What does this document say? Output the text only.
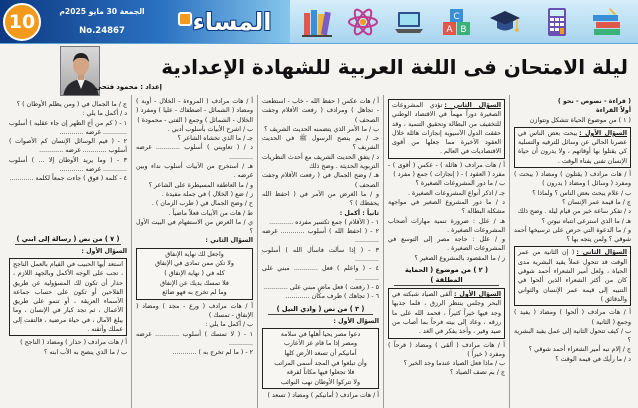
10	الجمعة 30 مايو 2025م
No.24867	المساء	A B
C
ليلة الامتحان فى اللغة العربية للشهادة الإعدادية
إعداد : محمود فتحي
( قراءة - نصوص - نحو )
أولاً القراءة
( ١ ) من موضوع الحياة تتشكل وتتوازن
السؤال الأول :يبحث بعض الناس في عصرنا الحالي عن وسائل للترفيه والتسلية كي يقتلوا بها أوقاتهم ، ولا يدرون أن حياة الإنسان تفنى بفناء الوقت .
أ / هات مرادف ( يقتلون ) ومضاد ( يبحث ) ومفرد ( وسائل ) ومضاد ( يدرون )
ب / علام يبحث بعض الناس ؟ ولماذا ؟
ج / ما قيمة عمر الإنسان ؟
د / تفكر ساعة خير من قيام ليلة . وضح ذلك
هـ / ما الذي استرعى انتباه نيوتن ؟
و / ما الدعوة التي حرص على ترسيخها أحمد شوقي ؟ ولمن يتجه بها ؟
السؤال الثاني :( إن الثانية من عمر الوقت قد تتحول عملاً يفيد البشرية مدى الحياة ، ولعل أمير الشعراء أحمد شوقي كان من أكثر الشعراء الذين ألحوا في التنبيه إلى قيمة عمر الإنسان والثواني والدقائق )
أ / هات مرادف ( ألحوا ) ومضاد ( يفيد ) وجمع ( الثانية )
ب / كيف تتحول الثانية إلى عمل يفيد البشرية ؟
ج / إلام نبه أمير الشعراء أحمد شوقي ؟
د / ما رأيك في قيمة الوقت ؟
السؤال الثاني :تؤدي المشروعات الصغيرة دوراً مهماً في الاقتصاد الوطني للتخفيف من البطالة وتحقيق التنمية ، وقد حققت الدول الآسيوية إنجازات هائلة خلال العقود الأخيرة مما جعلها من أقوى الاقتصاديات في العالم .
أ / هات مرادف ( هائلة ) - عكس ( أقوى ) - مفرد ( العقود ) - ( إنجازات ) جمع ( مفرد )
ب / ما دور المشروعات الصغيرة ؟
جـ / اذكر أنواع المشروعات الصغيرة .
د / ما دور المشروع الصغير في مواجهة مشكلة البطالة ؟
هـ / علل : ضرورة تنمية مهارات أصحاب المشروعات الصغيرة .
و / علل : حاجة مصر إلى التوسع في المشروعات الصغيرة .
ز / ما المقصود بالمشروع الصغير ؟
( ٢ ) من موضوع ( الحماية المطلقة )
السؤال الأول :ألقى الصياد شبكته في البحر وجلس ينتظر الرزق ، فلما جذبها وجد فيها خيراً كثيراً ، فحمد الله على ما رزقه ، وعاد إلى بيته فرحاً بما أصاب من صيد وفير ، وأخذ يفكر في الغد .
أ / هات مرادف ( ألقى ) ومضاد ( فرحاً ) ومفرد ( خيراً )
ب / ماذا فعل الصياد عندما وجد الخير ؟
ج / بم تصف الصياد ؟
أ / هات عكس ( حفظ الله - خاب - استطعت - تجاهل ) ومرادف ( رفعت الأقلام وجفت الصحف )
ب / ما الأمر الذي يتضمنه الحديث الشريف ؟
جـ / بم ينصح الرسول ﷺ في الحديث الشريف ؟
د / يتفق الحديث الشريف مع أحدث النظريات التربوية الحديثة . وضح ذلك
هـ / وضح الجمال في ( رفعت الأقلام وجفت الصحف )
و / ما الغرض من الأمر في ( احفظ الله يحفظك ) ؟
ثانياً : أكمل :
١ - ( الأقلام ) جمع تكسير مفرده ............
٢ - ( احفظ الله ) أسلوب ............ غرضه ............
٣ - ( إذا سألت فاسأل الله ) أسلوب ............
٤ - ( واعلم ) فعل ............ مبني على ............
٥ - ( رفعت ) فعل ماضٍ مبني على ............
٦ - ( تجاهك ) ظرف مكان ............
( ٣ ) من نص ( وادي النيل )
السؤال الأول :
دعوا مصر يحيا أهلها في سلامة
ومصر إذا ما قام عز الأعارب
أمانيكم أن تسعد الأرض كلها
وأن تبلغوا في المجد أسمى المراتب
فلا تجعلوا فيها مكاناً لفرقة
ولا تتركوا الأوطان نهب النوائب
أ / هات مرادف ( أمانيكم ) ومضاد ( تسعد )
أ / هات مرادف ( المروءة - الخلال - أوبة ) ومضاد ( الشمائل - اصطفاك - عليا ) ومفرد ( الخلال - الشمائل ) وجمع ( الفتى - محمودة )
ب / اشرح الأبيات بأسلوب أدبي .
جـ / ما الذي تخشاه الشاعر ؟
د / ( تعاويني ) أسلوب ............ غرضه ............
هـ / استخرج من الأبيات أسلوب نداء وبين غرضه .
و / ما العاطفة المسيطرة على الشاعر ؟
ز / ضع ( الخلال ) في جملة مفيدة .
ح / وضح الجمال في ( طرب الزمان ) .
ط / هات من الأبيات فعلاً ماضياً .
ي / ما الغرض من الاستفهام في البيت الأول ؟
السؤال الثاني :
واجعل لك نهاية الإنفاق
ولا تكن ممن تمادى في الإنفاق
كله في ( نهاية الإنفاق )
فلا تمسك يديك عن الإنفاق
وما لم تخرج به فهو ضائع
أ / هات مرادف ( ورع - مجد ) ومضاد ( الإنفاق - تمسك )
ب / أكمل ما يلي :
١ - ( لا تمسك ) أسلوب ............ غرضه ............
٢ - ( ما لم تخرج به ) ............
ج / ما الجمال في ( ومن يظلم الأوطان ) ؟
د / أكمل ما يلي :
١ - ( كم من أخ الظهر إن جاء عقليه ) أسلوب ............ غرضه ............
٢ - ( فيم الوسائل الإنسان كم الأصوات ) أسلوب ............ غرضه ............
٣ - ( وما يريد الأوطان إلا ... ) أسلوب ............ غرضه ............
٤ - كلمة ( فوق ) جاءت جمعاً لكلمة ............
( ٧ ) من نص ( رسالة إلى ابني )
السؤال الأول :
استعد أيها الحبيب في القيام بالعمل الناجح ، تجب على الوجه الأكمل وبالجهد اللازم ، حذار أن تكون لك المسؤولية عن طريق الفلاحين أو تكون على حساب جماعة الأسماء العريقة ، أو تنمو على طريق الأعمال ، ثم تجد كبار في الإنسان ، وما يبلغ الآمال ، في حياة مرضية ، فالتفت إلى عملك وأتقنه .
أ / هات مرادف ( حذار ) ومضاد ( الناجح )
ب / ما الذي ينصح به الأب ابنه ؟
